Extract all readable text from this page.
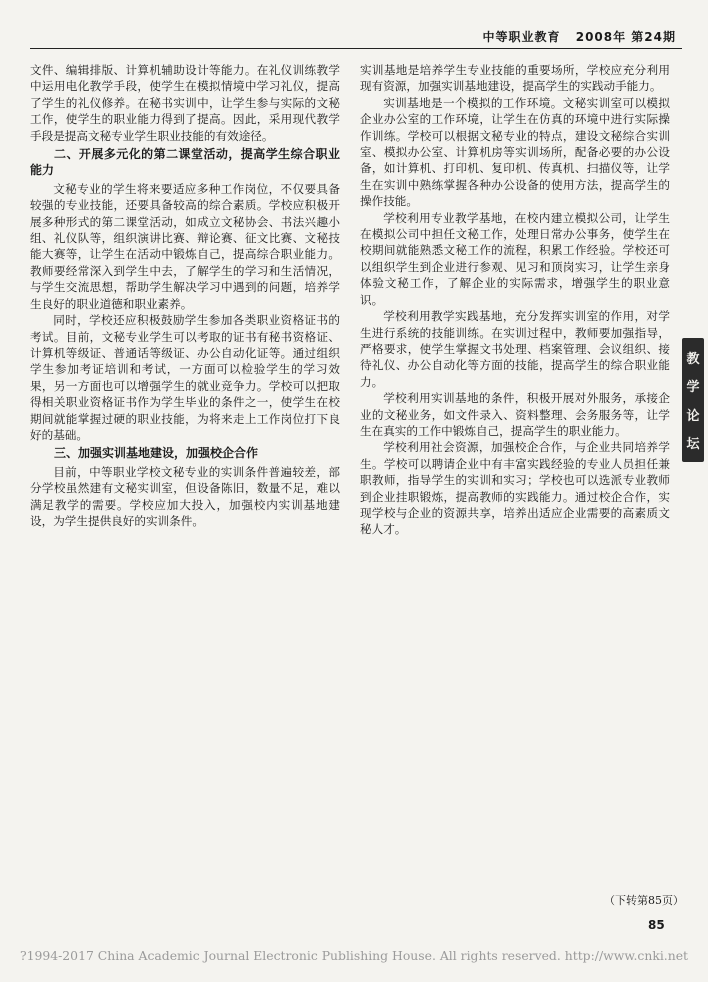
中等职业教育 2008年 第24期

文件、编辑排版、计算机辅助设计等能力。在礼仪训练教学中运用电化教学手段，使学生在模拟情境中学习礼仪，提高了学生的礼仪修养。在秘书实训中，让学生参与实际的文秘工作，使学生的职业能力得到了提高。因此，采用现代教学手段是提高文秘专业学生职业技能的有效途径。

二、开展多元化的第二课堂活动，提高学生综合职业能力

文秘专业的学生将来要适应多种工作岗位，不仅要具备较强的专业技能，还要具备较高的综合素质。学校应积极开展多种形式的第二课堂活动，如成立文秘协会、书法兴趣小组、礼仪队等，组织演讲比赛、辩论赛、征文比赛、文秘技能大赛等，让学生在活动中锻炼自己，提高综合职业能力。教师要经常深入到学生中去，了解学生的学习和生活情况，与学生交流思想，帮助学生解决学习中遇到的问题，培养学生良好的职业道德和职业素养。

同时，学校还应积极鼓励学生参加各类职业资格证书的考试。目前，文秘专业学生可以考取的证书有秘书资格证、计算机等级证、普通话等级证、办公自动化证等。通过组织学生参加考证培训和考试，一方面可以检验学生的学习效果，另一方面也可以增强学生的就业竞争力。学校可以把取得相关职业资格证书作为学生毕业的条件之一，使学生在校期间就能掌握过硬的职业技能，为将来走上工作岗位打下良好的基础。

三、加强实训基地建设，加强校企合作

目前，中等职业学校文秘专业的实训条件普遍较差，部分学校虽然建有文秘实训室，但设备陈旧，数量不足，难以满足教学的需要。学校应加大投入，加强校内实训基地建设，为学生提供良好的实训条件。

实训基地是培养学生专业技能的重要场所，学校应充分利用现有资源，加强实训基地建设，提高学生的实践动手能力。

实训基地是一个模拟的工作环境。文秘实训室可以模拟企业办公室的工作环境，让学生在仿真的环境中进行实际操作训练。学校可以根据文秘专业的特点，建设文秘综合实训室、模拟办公室、计算机房等实训场所，配备必要的办公设备，如计算机、打印机、复印机、传真机、扫描仪等，让学生在实训中熟练掌握各种办公设备的使用方法，提高学生的操作技能。

学校利用专业教学基地，在校内建立模拟公司，让学生在模拟公司中担任文秘工作，处理日常办公事务，使学生在校期间就能熟悉文秘工作的流程，积累工作经验。学校还可以组织学生到企业进行参观、见习和顶岗实习，让学生亲身体验文秘工作，了解企业的实际需求，增强学生的职业意识。

学校利用教学实践基地，充分发挥实训室的作用，对学生进行系统的技能训练。在实训过程中，教师要加强指导，严格要求，使学生掌握文书处理、档案管理、会议组织、接待礼仪、办公自动化等方面的技能，提高学生的综合职业能力。

学校利用实训基地的条件，积极开展对外服务，承接企业的文秘业务，如文件录入、资料整理、会务服务等，让学生在真实的工作中锻炼自己，提高学生的职业能力。

学校利用社会资源，加强校企合作，与企业共同培养学生。学校可以聘请企业中有丰富实践经验的专业人员担任兼职教师，指导学生的实训和实习；学校也可以选派专业教师到企业挂职锻炼，提高教师的实践能力。通过校企合作，实现学校与企业的资源共享，培养出适应企业需要的高素质文秘人才。

教
学
论
坛
（下转第85页）
85
?1994-2017 China Academic Journal Electronic Publishing House. All rights reserved. http://www.cnki.net
